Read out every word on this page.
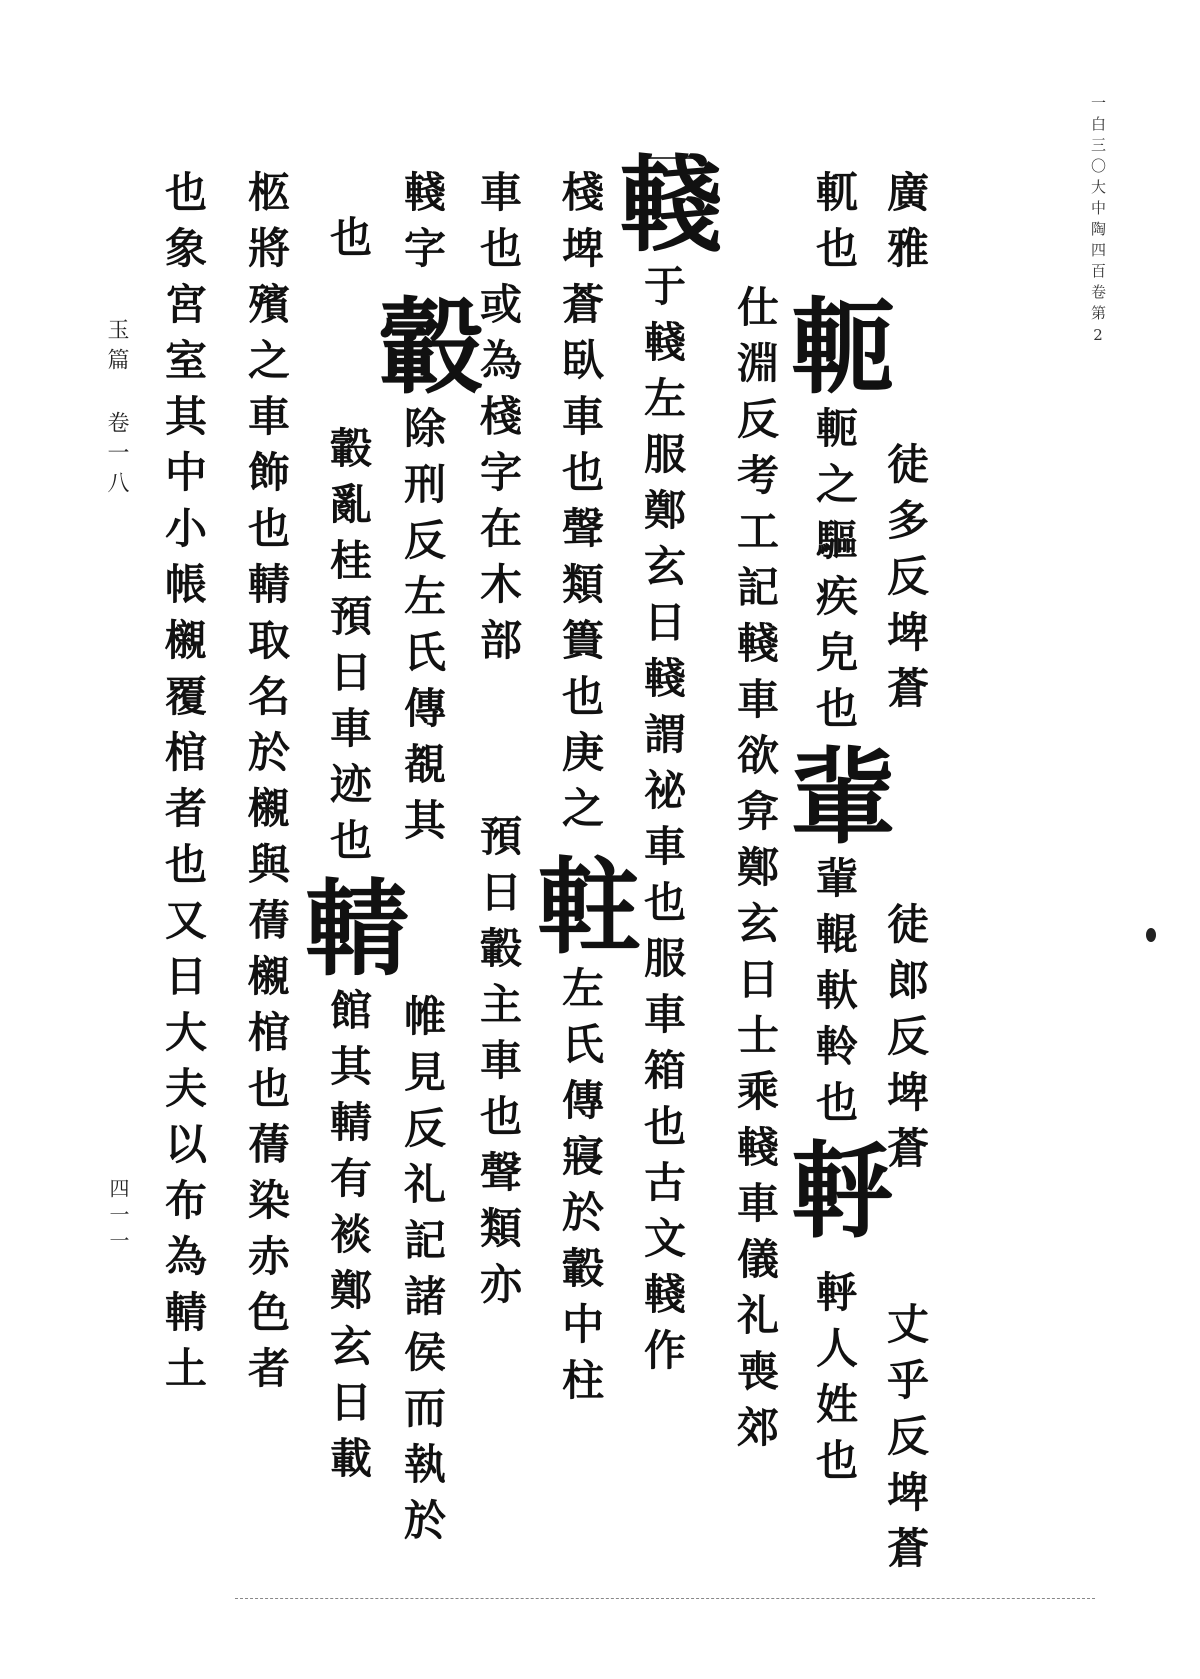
一白三〇大中陶四百卷第2
玉篇 卷一八
四一一
廣雅徒多反埤蒼徒郎反埤蒼丈乎反埤蒼
軏也軛軛之驅疾皃也軰軰輥軑軨也軤軤人姓也
仕淵反考工記輚車欲弇鄭玄日士乘輚車儀礼喪郊
輚于輚左服鄭玄日輚謂祕車也服車箱也古文輚作
棧埤蒼臥車也聲類簣也庚之軴左氏傳寢於轂中柱
車也或為棧字在木部預日轂主車也聲類亦
輚字轂除刑反左氏傳覩其帷見反礼記諸侯而執於
也轂亂桂預日車迹也輤館其輤有裧鄭玄日載
柩將殯之車飾也輤取名於櫬與蒨櫬棺也蒨染赤色者
也象宮室其中小帳櫬覆棺者也又日大夫以布為輤土
